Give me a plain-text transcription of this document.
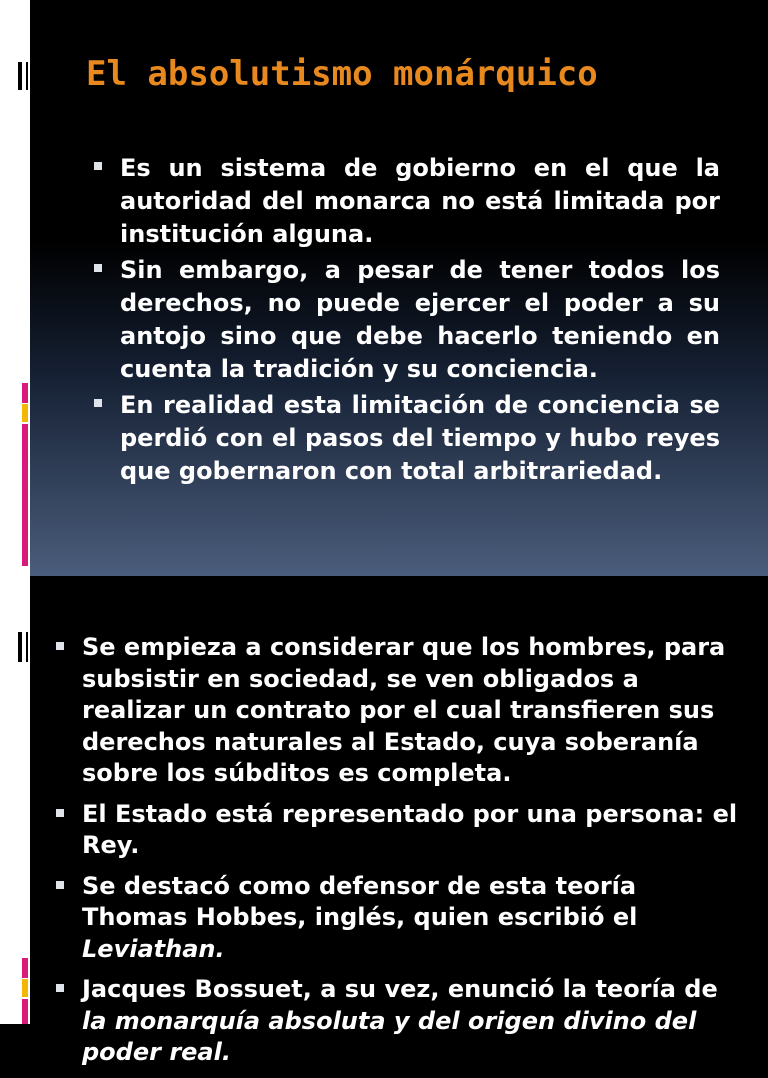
El absolutismo monárquico
Es un sistema de gobierno en el que la autoridad del monarca no está limitada por institución alguna.
Sin embargo, a pesar de tener todos los derechos, no puede ejercer el poder a su antojo sino que debe hacerlo teniendo en cuenta la tradición y su conciencia.
En realidad esta limitación de conciencia se perdió con el pasos del tiempo y hubo reyes que gobernaron con total arbitrariedad.
Se empieza a considerar que los hombres, para subsistir en sociedad, se ven obligados a realizar un contrato por el cual transfieren sus derechos naturales al Estado, cuya soberanía sobre los súbditos es completa.
El Estado está representado por una persona: el Rey.
Se destacó como defensor de esta teoría Thomas Hobbes, inglés, quien escribió el Leviathan.
Jacques Bossuet, a su vez, enunció la teoría de la monarquía absoluta y del origen divino del poder real.
